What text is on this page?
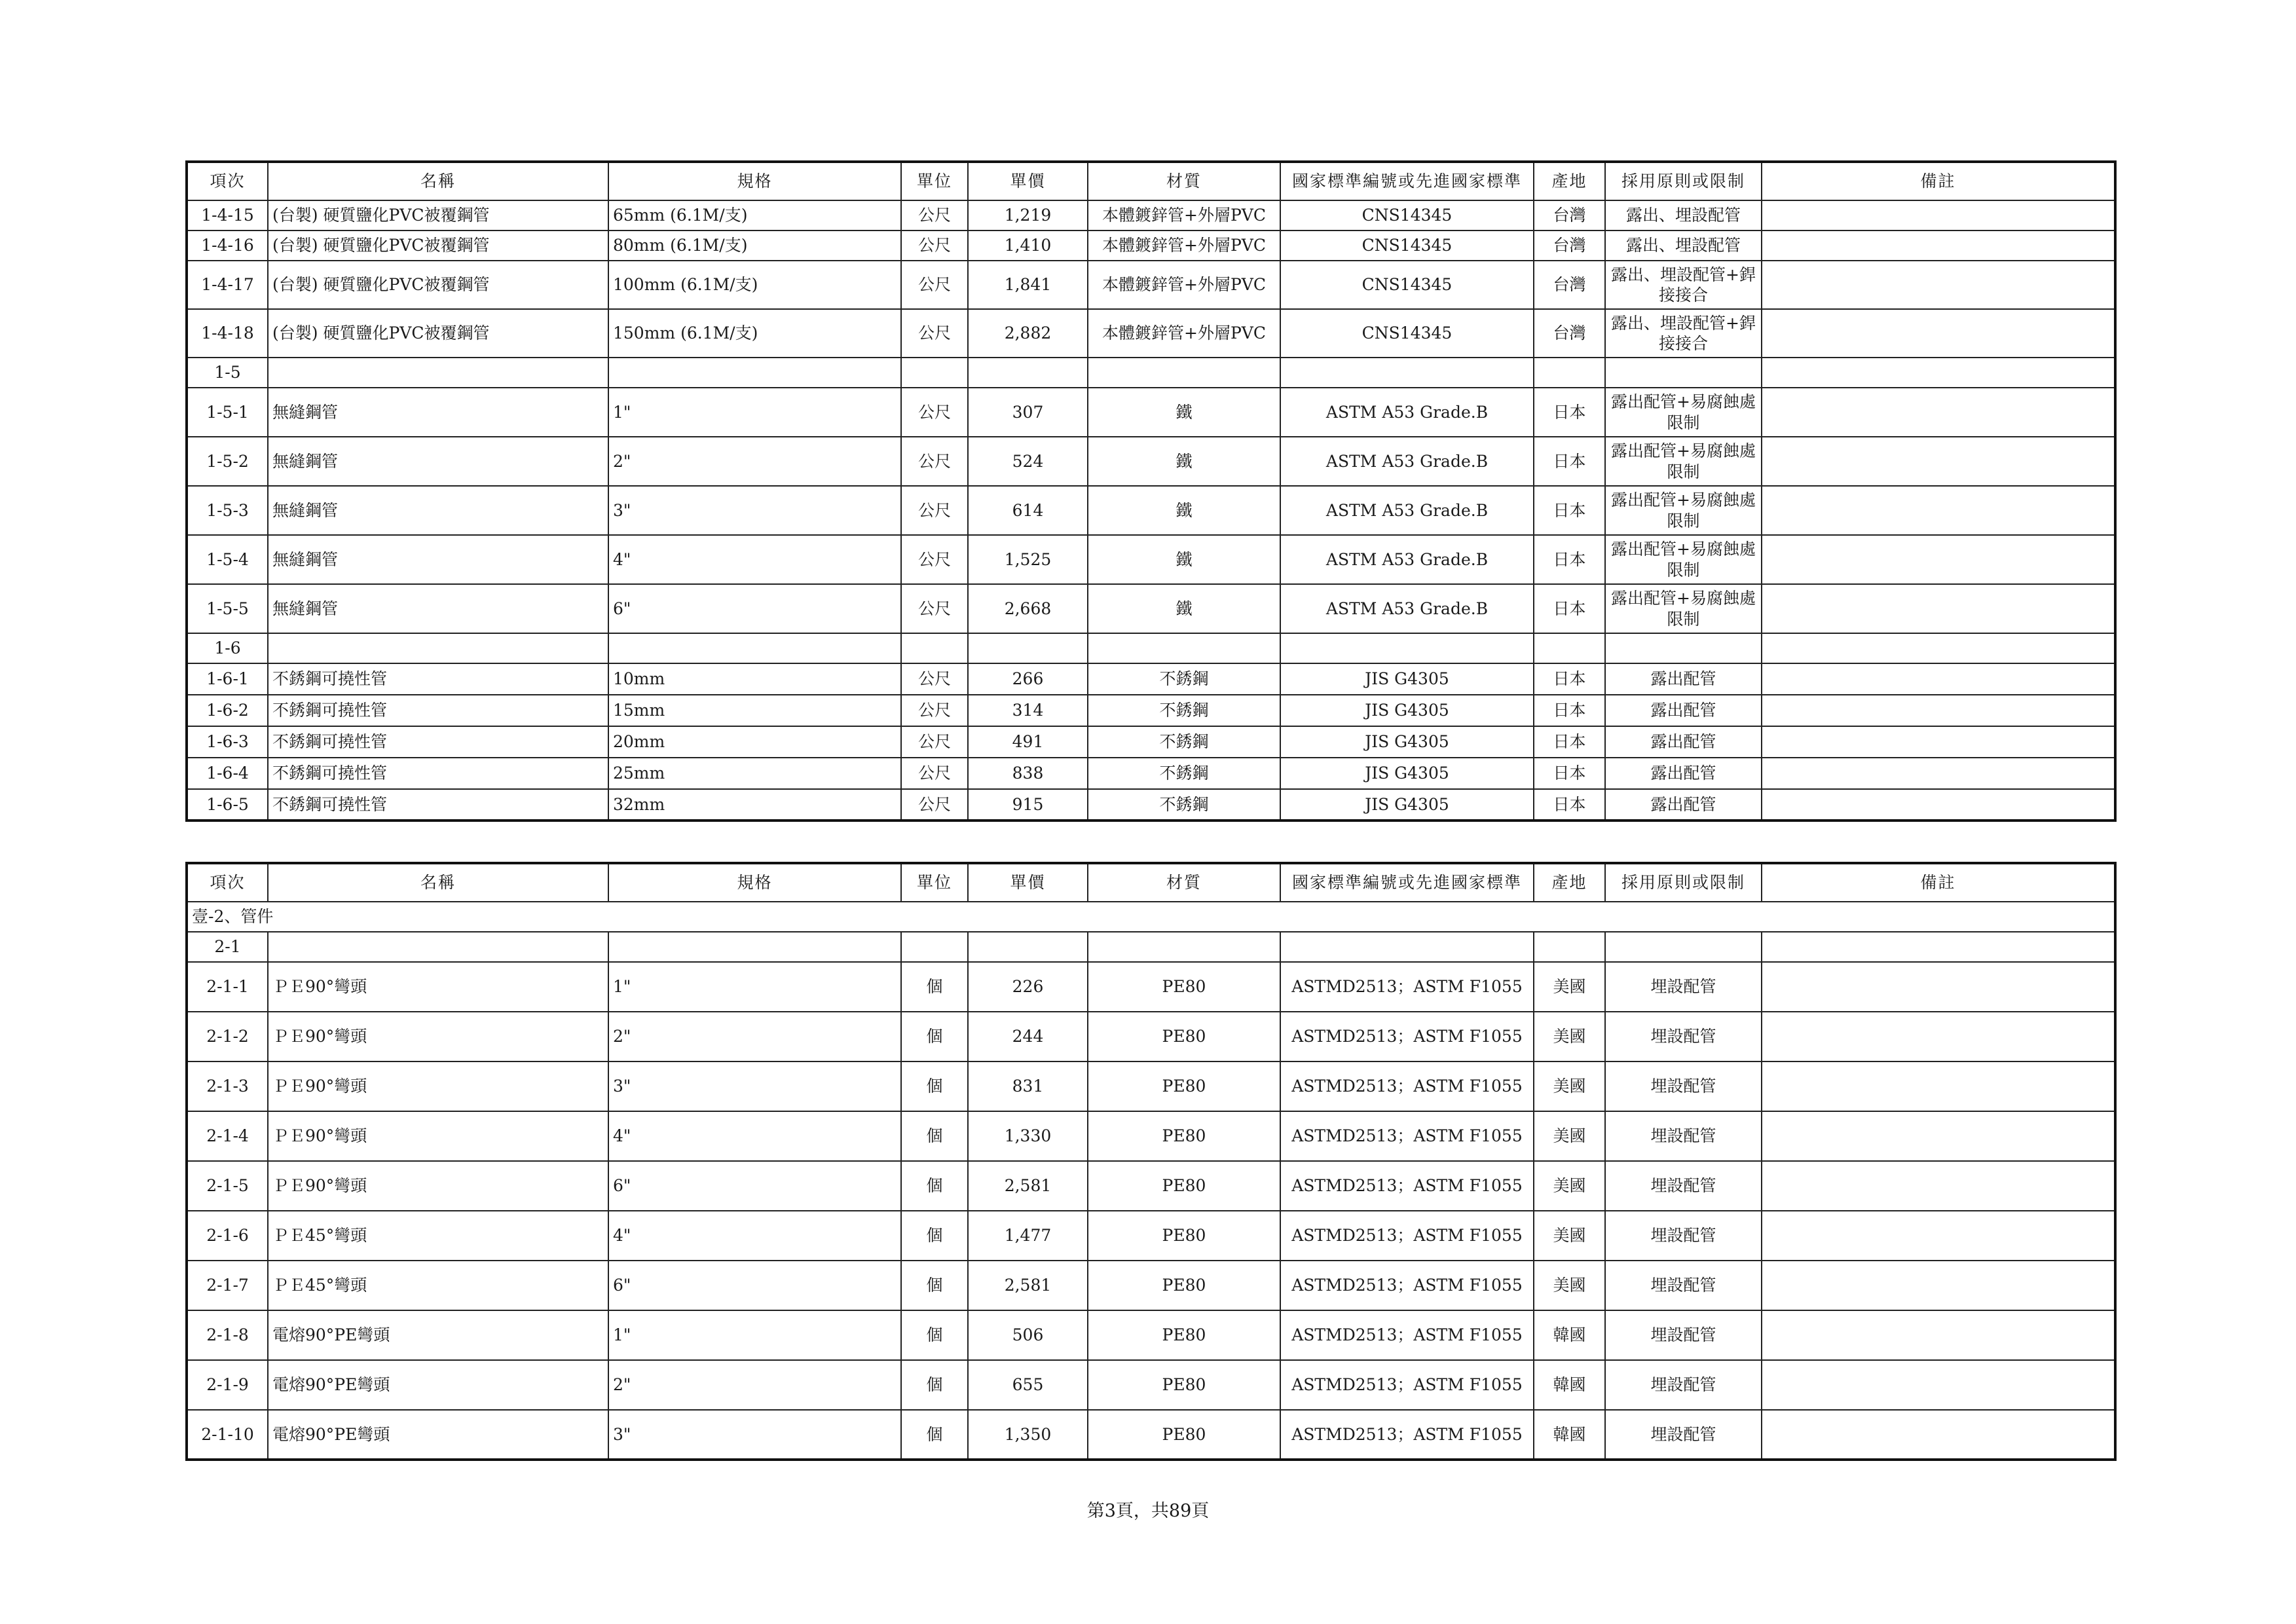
項次	名稱	規格	單位	單價	材質	國家標準編號或先進國家標準	產地	採用原則或限制	備註
1-4-15	(台製) 硬質鹽化PVC被覆鋼管	65mm (6.1M/支)	公尺	1,219	本體鍍鋅管+外層PVC	CNS14345	台灣	露出、埋設配管	
1-4-16	(台製) 硬質鹽化PVC被覆鋼管	80mm (6.1M/支)	公尺	1,410	本體鍍鋅管+外層PVC	CNS14345	台灣	露出、埋設配管	
1-4-17	(台製) 硬質鹽化PVC被覆鋼管	100mm (6.1M/支)	公尺	1,841	本體鍍鋅管+外層PVC	CNS14345	台灣	露出、埋設配管+銲接接合	
1-4-18	(台製) 硬質鹽化PVC被覆鋼管	150mm (6.1M/支)	公尺	2,882	本體鍍鋅管+外層PVC	CNS14345	台灣	露出、埋設配管+銲接接合	
1-5									
1-5-1	無縫鋼管	1"	公尺	307	鐵	ASTM A53 Grade.B	日本	露出配管+易腐蝕處限制	
1-5-2	無縫鋼管	2"	公尺	524	鐵	ASTM A53 Grade.B	日本	露出配管+易腐蝕處限制	
1-5-3	無縫鋼管	3"	公尺	614	鐵	ASTM A53 Grade.B	日本	露出配管+易腐蝕處限制	
1-5-4	無縫鋼管	4"	公尺	1,525	鐵	ASTM A53 Grade.B	日本	露出配管+易腐蝕處限制	
1-5-5	無縫鋼管	6"	公尺	2,668	鐵	ASTM A53 Grade.B	日本	露出配管+易腐蝕處限制	
1-6									
1-6-1	不銹鋼可撓性管	10mm	公尺	266	不銹鋼	JIS G4305	日本	露出配管	
1-6-2	不銹鋼可撓性管	15mm	公尺	314	不銹鋼	JIS G4305	日本	露出配管	
1-6-3	不銹鋼可撓性管	20mm	公尺	491	不銹鋼	JIS G4305	日本	露出配管	
1-6-4	不銹鋼可撓性管	25mm	公尺	838	不銹鋼	JIS G4305	日本	露出配管	
1-6-5	不銹鋼可撓性管	32mm	公尺	915	不銹鋼	JIS G4305	日本	露出配管	
項次	名稱	規格	單位	單價	材質	國家標準編號或先進國家標準	產地	採用原則或限制	備註
壹-2、管件									
2-1									
2-1-1	ＰＥ90°彎頭	1"	個	226	PE80	ASTMD2513；ASTM F1055	美國	埋設配管	
2-1-2	ＰＥ90°彎頭	2"	個	244	PE80	ASTMD2513；ASTM F1055	美國	埋設配管	
2-1-3	ＰＥ90°彎頭	3"	個	831	PE80	ASTMD2513；ASTM F1055	美國	埋設配管	
2-1-4	ＰＥ90°彎頭	4"	個	1,330	PE80	ASTMD2513；ASTM F1055	美國	埋設配管	
2-1-5	ＰＥ90°彎頭	6"	個	2,581	PE80	ASTMD2513；ASTM F1055	美國	埋設配管	
2-1-6	ＰＥ45°彎頭	4"	個	1,477	PE80	ASTMD2513；ASTM F1055	美國	埋設配管	
2-1-7	ＰＥ45°彎頭	6"	個	2,581	PE80	ASTMD2513；ASTM F1055	美國	埋設配管	
2-1-8	電熔90°PE彎頭	1"	個	506	PE80	ASTMD2513；ASTM F1055	韓國	埋設配管	
2-1-9	電熔90°PE彎頭	2"	個	655	PE80	ASTMD2513；ASTM F1055	韓國	埋設配管	
2-1-10	電熔90°PE彎頭	3"	個	1,350	PE80	ASTMD2513；ASTM F1055	韓國	埋設配管	
第3頁，共89頁
